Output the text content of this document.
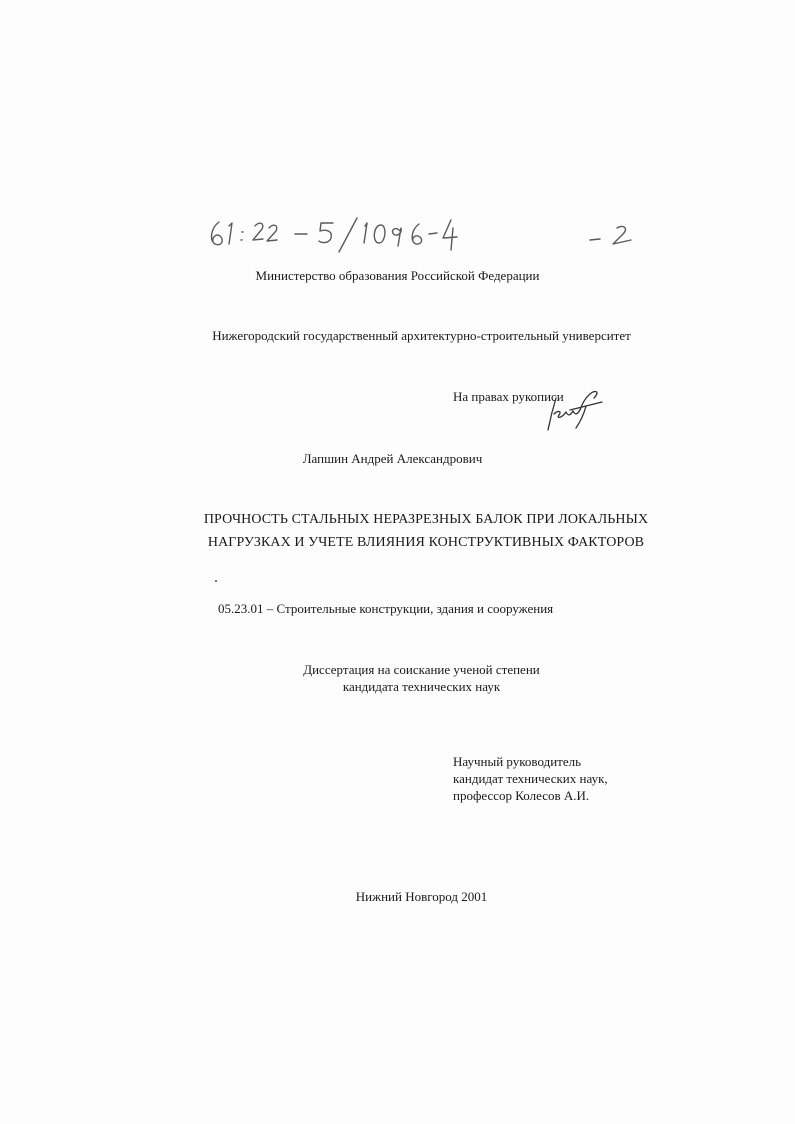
Министерство образования Российской Федерации
Нижегородский государственный архитектурно-строительный университет
На правах рукописи
Лапшин Андрей Александрович
ПРОЧНОСТЬ СТАЛЬНЫХ НЕРАЗРЕЗНЫХ БАЛОК ПРИ ЛОКАЛЬНЫХ
НАГРУЗКАХ И УЧЕТЕ ВЛИЯНИЯ КОНСТРУКТИВНЫХ ФАКТОРОВ
05.23.01 – Строительные конструкции, здания и сооружения
Диссертация на соискание ученой степени
кандидата технических наук
Научный руководитель
кандидат технических наук,
профессор Колесов А.И.
Нижний Новгород 2001
